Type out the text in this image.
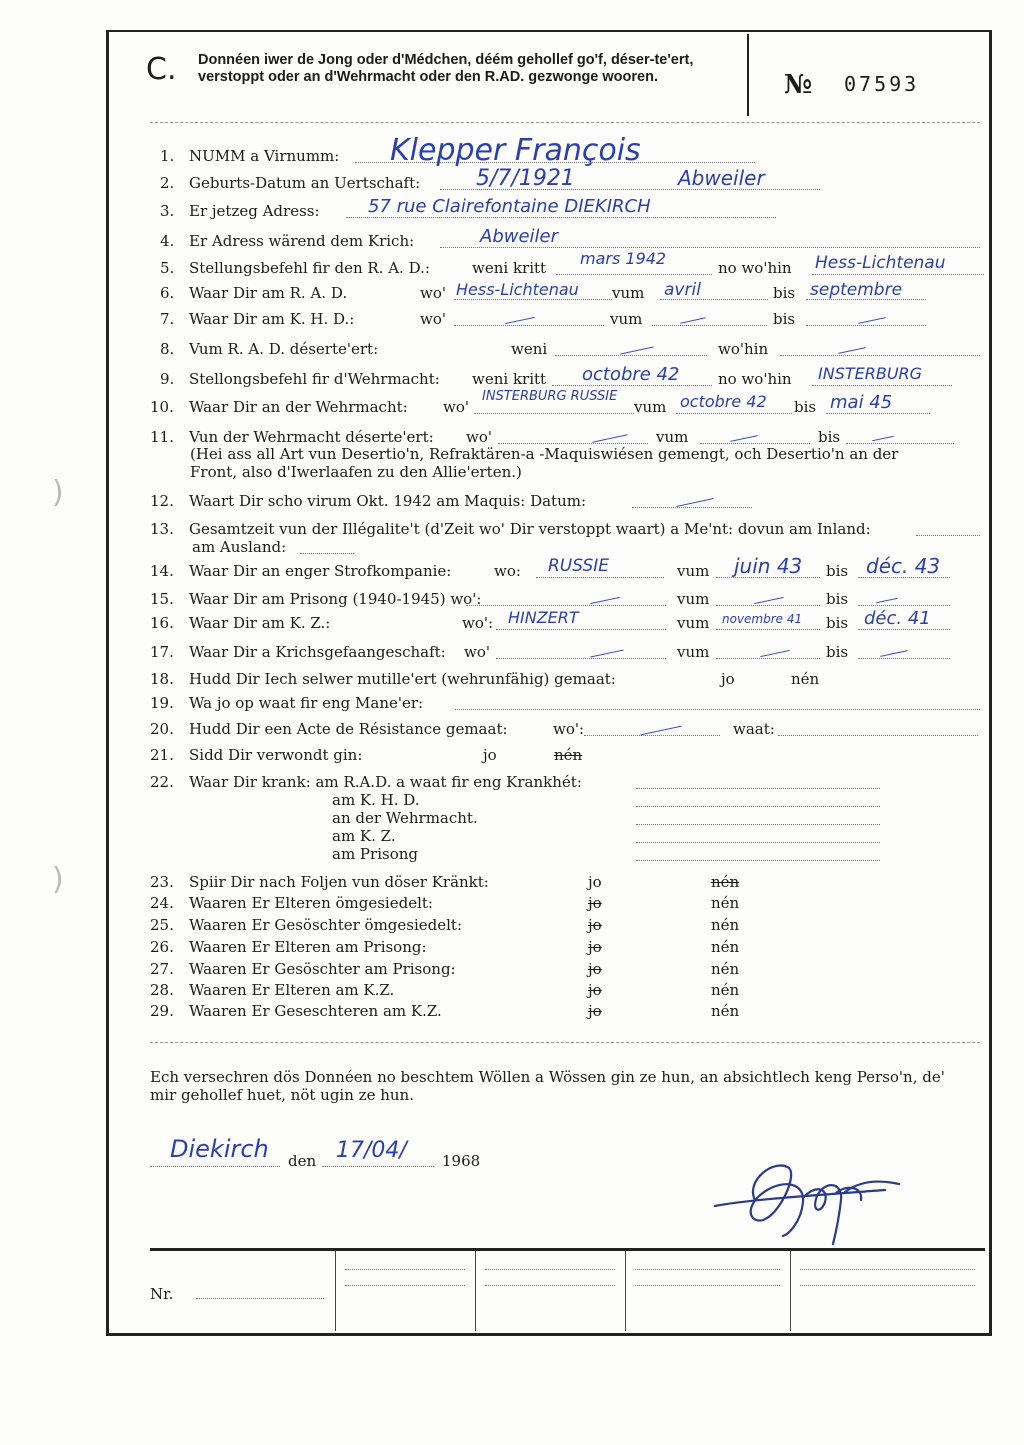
)
)
C. Donnéen iwer de Jong oder d'Médchen, déém gehollef go'f, déser-te'ert, verstoppt oder an d'Wehrmacht oder den R.AD. gezwonge wooren.	№ 07593
1. NUMM a Virnumm: Klepper François
2. Geburts-Datum an Uertschaft:	5/7/1921	Abweiler
3. Er jetzeg Adress:	57 rue Clairefontaine DIEKIRCH
4. Er Adress wärend dem Krich:	Abweiler
5. Stellungsbefehl fir den R. A. D.:	weni kritt mars 1942	no wo'hin Hess-Lichtenau
6. Waar Dir am R. A. D.	wo' Hess-Lichtenau vum avril	bis septembre
7. Waar Dir am K. H. D.:	wo'	vum	bis
8. Vum R. A. D. déserte'ert:	weni	wo'hin
9. Stellongsbefehl fir d'Wehrmacht: weni kritt octobre 42	no wo'hin INSTERBURG
10. Waar Dir an der Wehrmacht: wo'
INSTERBURG RUSSIE
vum octobre 42 bis mai 45
11. Vun der Wehrmacht déserte'ert: wo'	vum	bis
12. Waart Dir scho virum Okt. 1942 am Maquis: Datum:
13. Gesamtzeit vun der Illégalite't (d'Zeit wo' Dir verstoppt waart) a Me'nt: dovun am Inland:
am Ausland:
14. Waar Dir an enger Strofkompanie:	wo: RUSSIE	vum juin 43 bis déc. 43
15. Waar Dir am Prisong (1940-1945) wo':	vum	bis
16. Waar Dir am K. Z.:	wo': HINZERT	vum novembre 41 bis déc. 41
17. Waar Dir a Krichsgefaangeschaft: wo'	vum	bis
18. Hudd Dir Iech selwer mutille'ert (wehrunfähig) gemaat:	jo	nén
19. Wa jo op waat fir eng Mane'er:
20. Hudd Dir een Acte de Résistance gemaat:	wo':	waat:
21. Sidd Dir verwondt gin:	jo	nén
22. Waar Dir krank: am R.A.D. a waat fir eng Krankhét:
am K. H. D.
an der Wehrmacht.
am K. Z.
am Prisong
23. Spiir Dir nach Foljen vun döser Kränkt:	jo	nén
24. Waaren Er Elteren ömgesiedelt:	jo	nén
25. Waaren Er Gesöschter ömgesiedelt:	jo	nén
26. Waaren Er Elteren am Prisong:	jo	nén
27. Waaren Er Gesöschter am Prisong:	jo	nén
28. Waaren Er Elteren am K.Z.	jo	nén
29. Waaren Er Geseschteren am K.Z.	jo	nén
(Hei ass all Art vun Desertio'n, Refraktären-a -Maquiswiésen gemengt, och Desertio'n an der Front, also d'Iwerlaafen zu den Allie'erten.)
Ech versechren dös Donnéen no beschtem Wöllen a Wössen gin ze hun, an absichtlech keng Perso'n, de' mir gehollef huet, nöt ugin ze hun.
Diekirch den 17/04/ 1968
Nr.
